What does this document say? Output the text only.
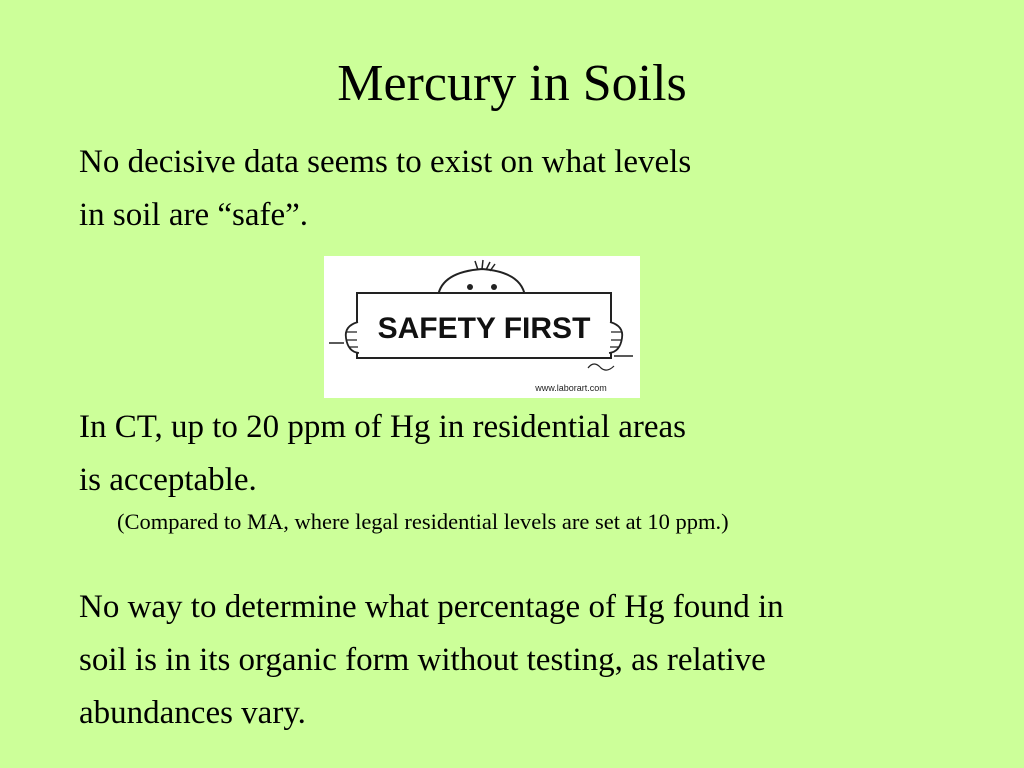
Mercury in Soils
No decisive data seems to exist on what levels
in soil are “safe”.
SAFETY FIRST
www.laborart.com
In CT, up to 20 ppm of Hg in residential areas
is acceptable.
(Compared to MA, where legal residential levels are set at 10 ppm.)
No way to determine what percentage of Hg found in
soil is in its organic form without testing, as relative
abundances vary.
